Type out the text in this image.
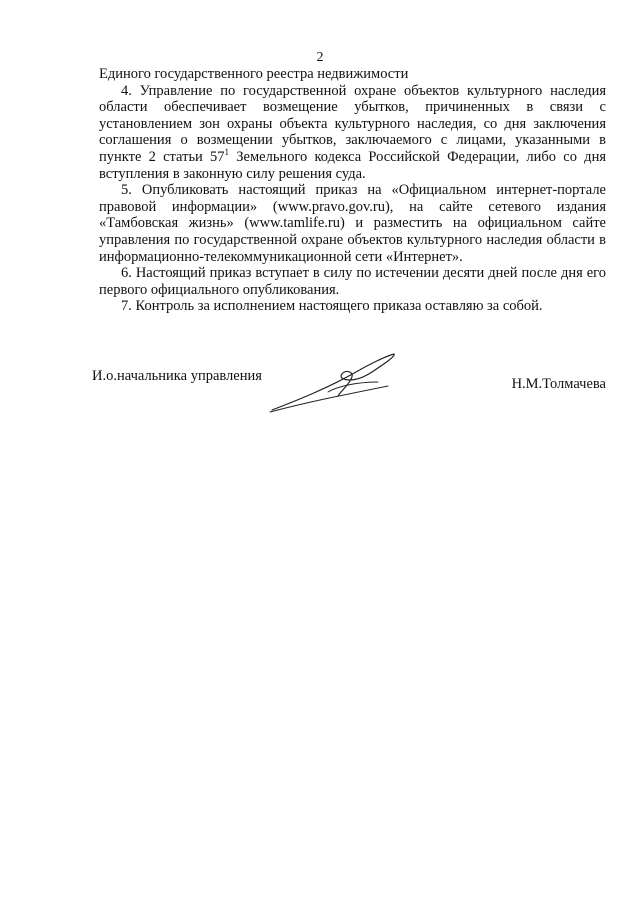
2

Единого государственного реестра недвижимости

4. Управление по государственной охране объектов культурного наследия области обеспечивает возмещение убытков, причиненных в связи с установлением зон охраны объекта культурного наследия, со дня заключения соглашения о возмещении убытков, заключаемого с лицами, указанными в пункте 2 статьи $57^1$ Земельного кодекса Российской Федерации, либо со дня вступления в законную силу решения суда.

5. Опубликовать настоящий приказ на «Официальном интернет-портале правовой информации» (www.pravo.gov.ru), на сайте сетевого издания «Тамбовская жизнь» (www.tamlife.ru) и разместить на официальном сайте управления по государственной охране объектов культурного наследия области в информационно-телекоммуникационной сети «Интернет».

6. Настоящий приказ вступает в силу по истечении десяти дней после дня его первого официального опубликования.

7. Контроль за исполнением настоящего приказа оставляю за собой.

И.о.начальника управления	Н.М.Толмачева
